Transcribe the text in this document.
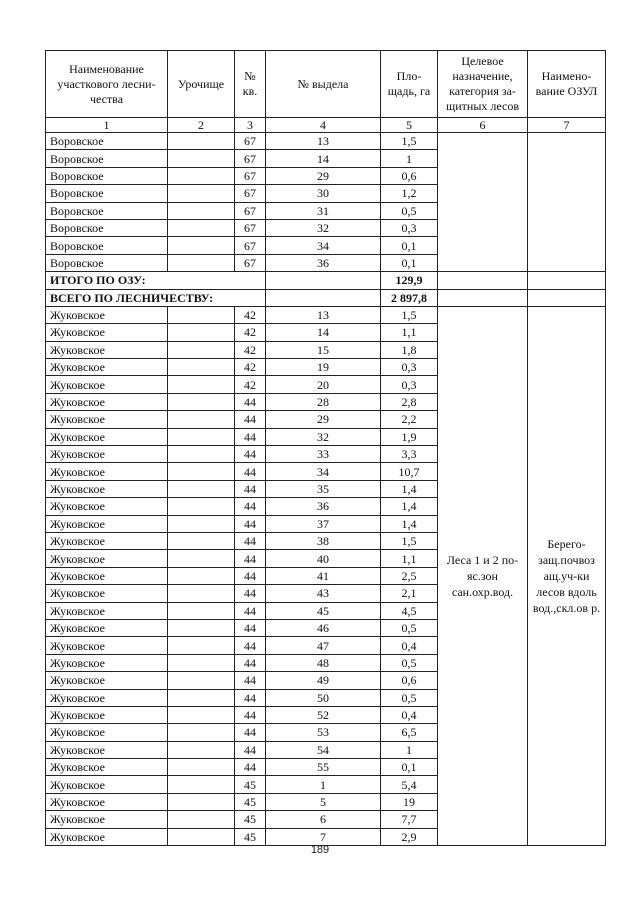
Наименование участкового лесни-чества	Урочище	№ кв.	№ выдела	Пло-щадь, га	Целевое назначение, категория за-щитных лесов	Наимено-вание ОЗУЛ
1	2	3	4	5	6	7
Воровское		67	13	1,5		
Воровское		67	14	1		
Воровское		67	29	0,6		
Воровское		67	30	1,2		
Воровское		67	31	0,5		
Воровское		67	32	0,3		
Воровское		67	34	0,1		
Воровское		67	36	0,1		
ИТОГО ПО ОЗУ:				129,9		
ВСЕГО ПО ЛЕСНИЧЕСТВУ:				2 897,8		
Жуковское		42	13	1,5	Леса 1 и 2 по-яс.зон сан.охр.вод.	Берего-защ.почвоз ащ.уч-ки лесов вдоль вод.,скл.ов р.
Жуковское		42	14	1,1		
Жуковское		42	15	1,8		
Жуковское		42	19	0,3		
Жуковское		42	20	0,3		
Жуковское		44	28	2,8		
Жуковское		44	29	2,2		
Жуковское		44	32	1,9		
Жуковское		44	33	3,3		
Жуковское		44	34	10,7		
Жуковское		44	35	1,4		
Жуковское		44	36	1,4		
Жуковское		44	37	1,4		
Жуковское		44	38	1,5		
Жуковское		44	40	1,1		
Жуковское		44	41	2,5		
Жуковское		44	43	2,1		
Жуковское		44	45	4,5		
Жуковское		44	46	0,5		
Жуковское		44	47	0,4		
Жуковское		44	48	0,5		
Жуковское		44	49	0,6		
Жуковское		44	50	0,5		
Жуковское		44	52	0,4		
Жуковское		44	53	6,5		
Жуковское		44	54	1		
Жуковское		44	55	0,1		
Жуковское		45	1	5,4		
Жуковское		45	5	19		
Жуковское		45	6	7,7		
Жуковское		45	7	2,9		
189
